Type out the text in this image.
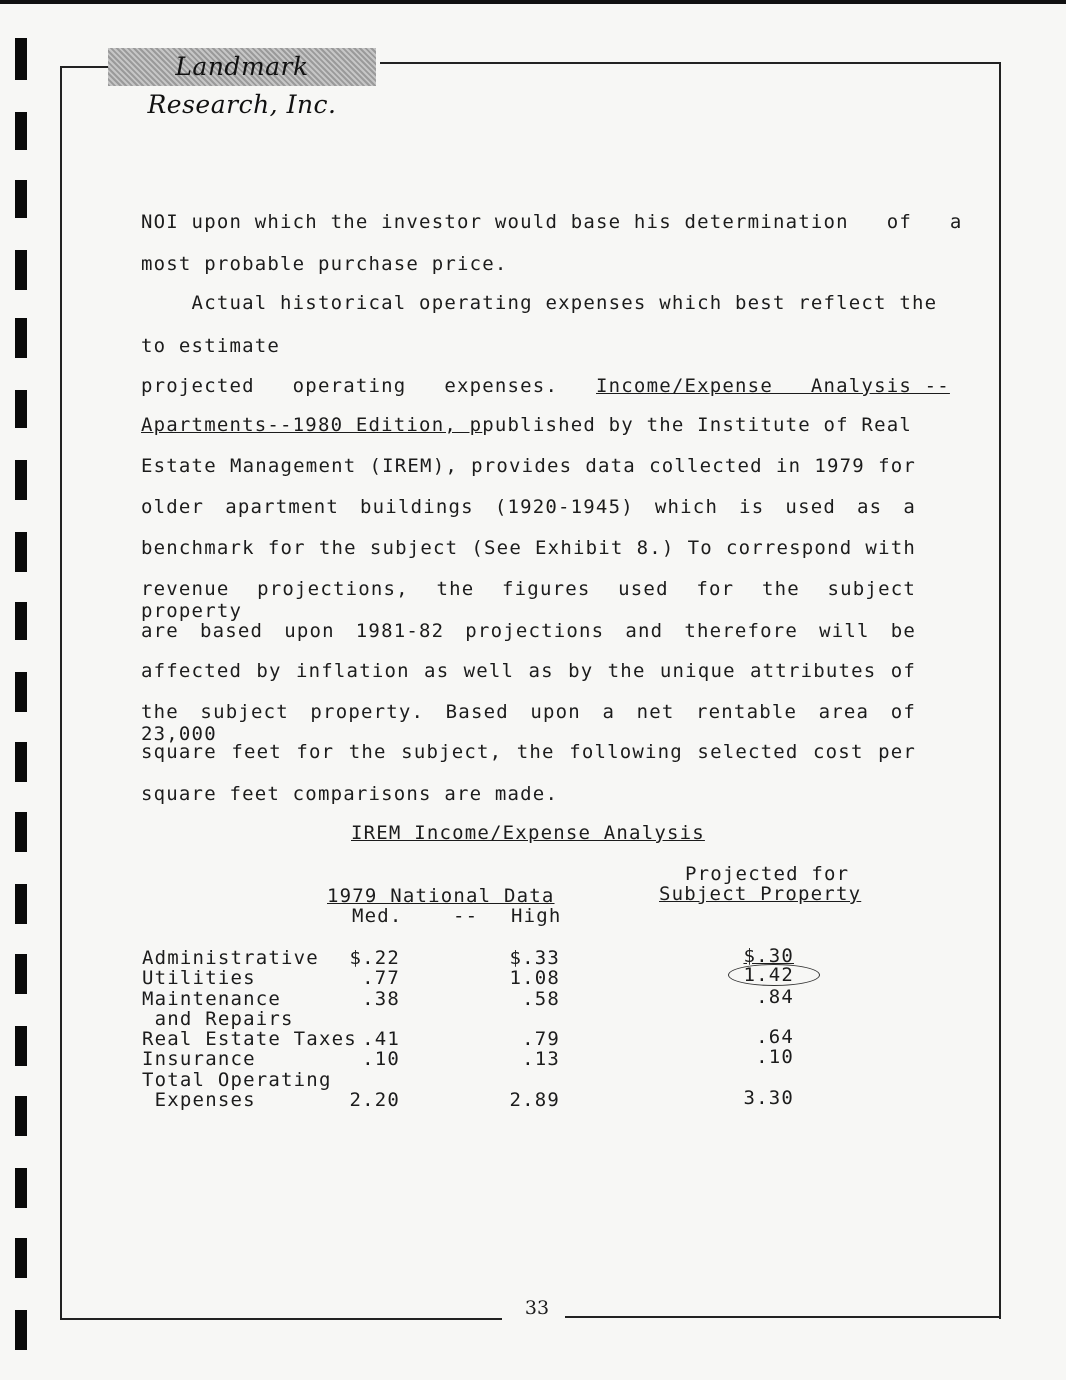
Landmark Research, Inc.
NOI upon which the investor would base his determination   of   a
most probable purchase price.
Actual historical operating expenses which best reflect the
to estimate
projected   operating   expenses.   Income/Expense   Analysis --
Apartments--1980 Edition, ppublished by the Institute of Real
Estate Management (IREM), provides data collected in 1979 for
older apartment buildings (1920-1945) which is used as a
benchmark for the subject (See Exhibit 8.) To correspond with
revenue projections, the figures used for the subject property
are based upon 1981-82 projections and therefore will be
affected by inflation as well as by the unique attributes of
the subject property. Based upon a net rentable area of 23,000
square feet for the subject, the following selected cost per
square feet comparisons are made.
IREM Income/Expense Analysis
Projected for
1979 National Data	Subject Property
Med.	-- High
Administrative	$.22	$.33	$.30
Utilities	.77	1.08	1.42
Maintenance	.38	.58	.84
and Repairs
Real Estate Taxes .41	.79	.64
Insurance	.10	.13	.10
Total Operating
Expenses	2.20	2.89	3.30
33
